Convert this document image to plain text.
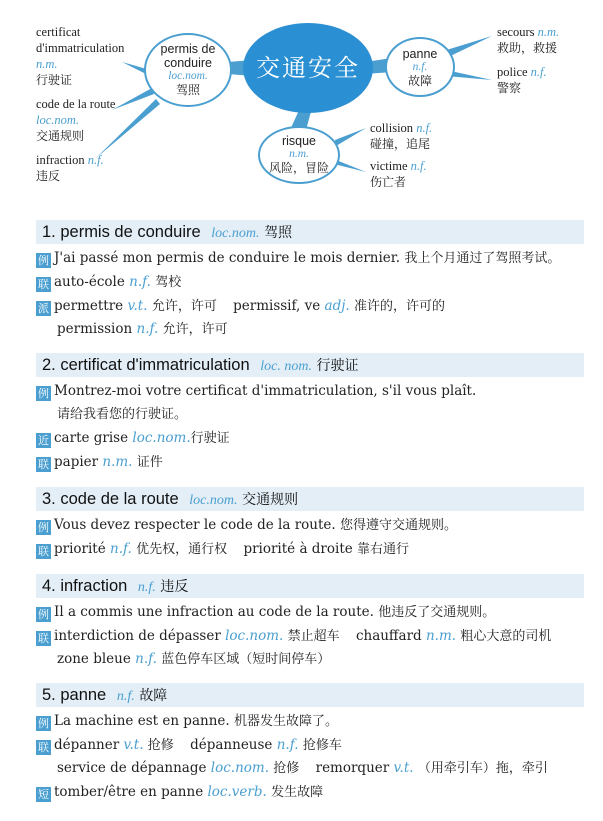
certificat
d'immatriculation
n.m.
行驶证
code de la route
loc.nom.
交通规则
infraction n.f.
违反
permis de
conduire
loc.nom.
驾照
交通安全	panne
n.f.
故障
risque
n.m.
风险，冒险
secours n.m.
救助，救援
police n.f.
警察
collision n.f.
碰撞，追尾
victime n.f.
伤亡者
1. permis de conduire loc.nom. 驾照
例 J'ai passé mon permis de conduire le mois dernier. 我上个月通过了驾照考试。
联 auto-école n.f. 驾校
派 permettre v.t. 允许，许可 permissif, ve adj. 准许的，许可的
permission n.f. 允许，许可
2. certificat d'immatriculation loc. nom. 行驶证
例 Montrez-moi votre certificat d'immatriculation, s'il vous plaît.
请给我看您的行驶证。
近 carte grise loc.nom.行驶证
联 papier n.m. 证件
3. code de la route loc.nom. 交通规则
例 Vous devez respecter le code de la route. 您得遵守交通规则。
联 priorité n.f. 优先权，通行权 priorité à droite 靠右通行
4. infraction n.f. 违反
例 Il a commis une infraction au code de la route. 他违反了交通规则。
联 interdiction de dépasser loc.nom. 禁止超车 chauffard n.m. 粗心大意的司机
zone bleue n.f. 蓝色停车区域（短时间停车）
5. panne n.f. 故障
例 La machine est en panne. 机器发生故障了。
联 dépanner v.t. 抢修 dépanneuse n.f. 抢修车
service de dépannage loc.nom. 抢修 remorquer v.t. （用牵引车）拖，牵引
短 tomber/être en panne loc.verb. 发生故障
